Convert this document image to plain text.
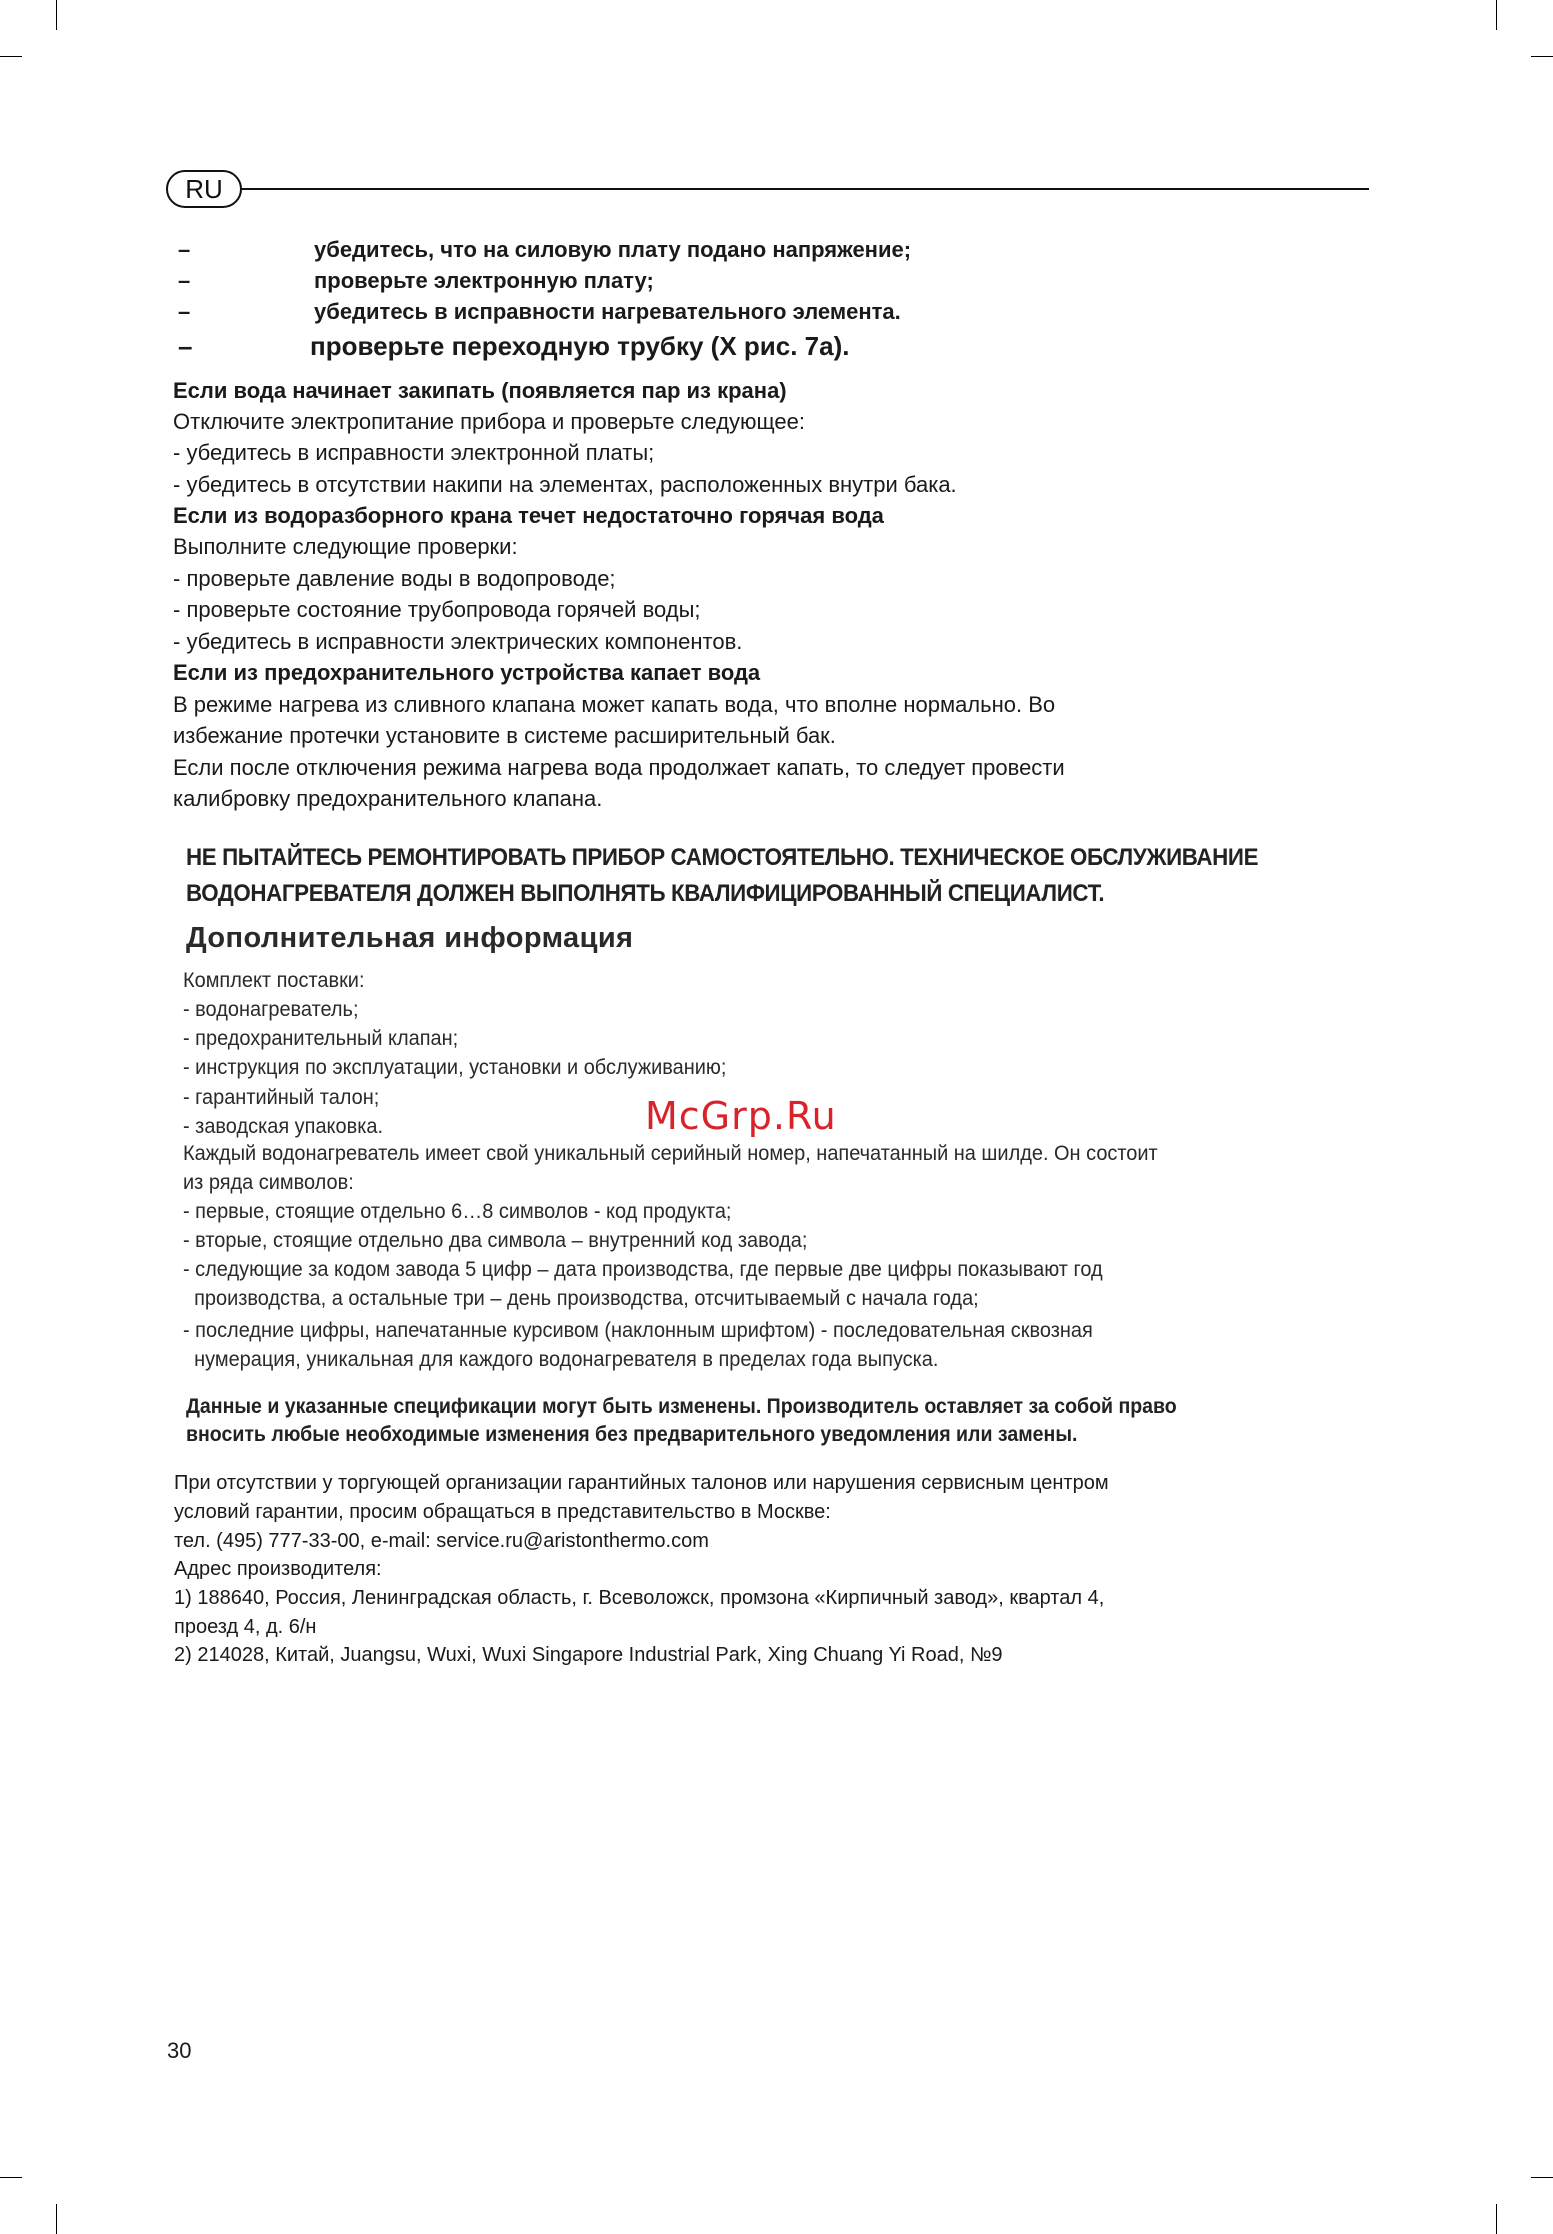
RU
–	убедитесь, что на силовую плату подано напряжение;
–	проверьте электронную плату;
–	убедитесь в исправности нагревательного элемента.
–	проверьте переходную трубку (Х рис. 7а).
Если вода начинает закипать (появляется пар из крана)
Отключите электропитание прибора и проверьте следующее:
- убедитесь в исправности электронной платы;
- убедитесь в отсутствии накипи на элементах, расположенных внутри бака.
Если из водоразборного крана течет недостаточно горячая вода
Выполните следующие проверки:
- проверьте давление воды в водопроводе;
- проверьте состояние трубопровода горячей воды;
- убедитесь в исправности электрических компонентов.
Если из предохранительного устройства капает вода
В режиме нагрева из сливного клапана может капать вода, что вполне нормально. Во
избежание протечки установите в системе расширительный бак.
Если после отключения режима нагрева вода продолжает капать, то следует провести
калибровку предохранительного клапана.
НЕ ПЫТАЙТЕСЬ РЕМОНТИРОВАТЬ ПРИБОР САМОСТОЯТЕЛЬНО. ТЕХНИЧЕСКОЕ ОБСЛУЖИВАНИЕ
ВОДОНАГРЕВАТЕЛЯ ДОЛЖЕН ВЫПОЛНЯТЬ КВАЛИФИЦИРОВАННЫЙ СПЕЦИАЛИСТ.
Дополнительная информация
Комплект поставки:
- водонагреватель;
- предохранительный клапан;
- инструкция по эксплуатации, установки и обслуживанию;
- гарантийный талон;
- заводская упаковка.
Каждый водонагреватель имеет свой уникальный серийный номер, напечатанный на шилде. Он состоит
из ряда символов:
- первые, стоящие отдельно 6…8 символов - код продукта;
- вторые, стоящие отдельно два символа – внутренний код завода;
- следующие за кодом завода 5 цифр – дата производства, где первые две цифры показывают год
производства, а остальные три – день производства, отсчитываемый с начала года;
- последние цифры, напечатанные курсивом (наклонным шрифтом) - последовательная сквозная
нумерация, уникальная для каждого водонагревателя в пределах года выпуска.
Данные и указанные спецификации могут быть изменены. Производитель оставляет за собой право
вносить любые необходимые изменения без предварительного уведомления или замены.
При отсутствии у торгующей организации гарантийных талонов или нарушения сервисным центром
условий гарантии, просим обращаться в представительство в Москве:
тел. (495) 777-33-00, e-mail: service.ru@aristonthermo.com
Адрес производителя:
1) 188640, Россия, Ленинградская область, г. Всеволожск, промзона «Кирпичный завод», квартал 4,
проезд 4, д. 6/н
2) 214028, Китай, Juangsu, Wuxi, Wuxi Singapore Industrial Park, Xing Chuang Yi Road, №9
McGrp.Ru
30
